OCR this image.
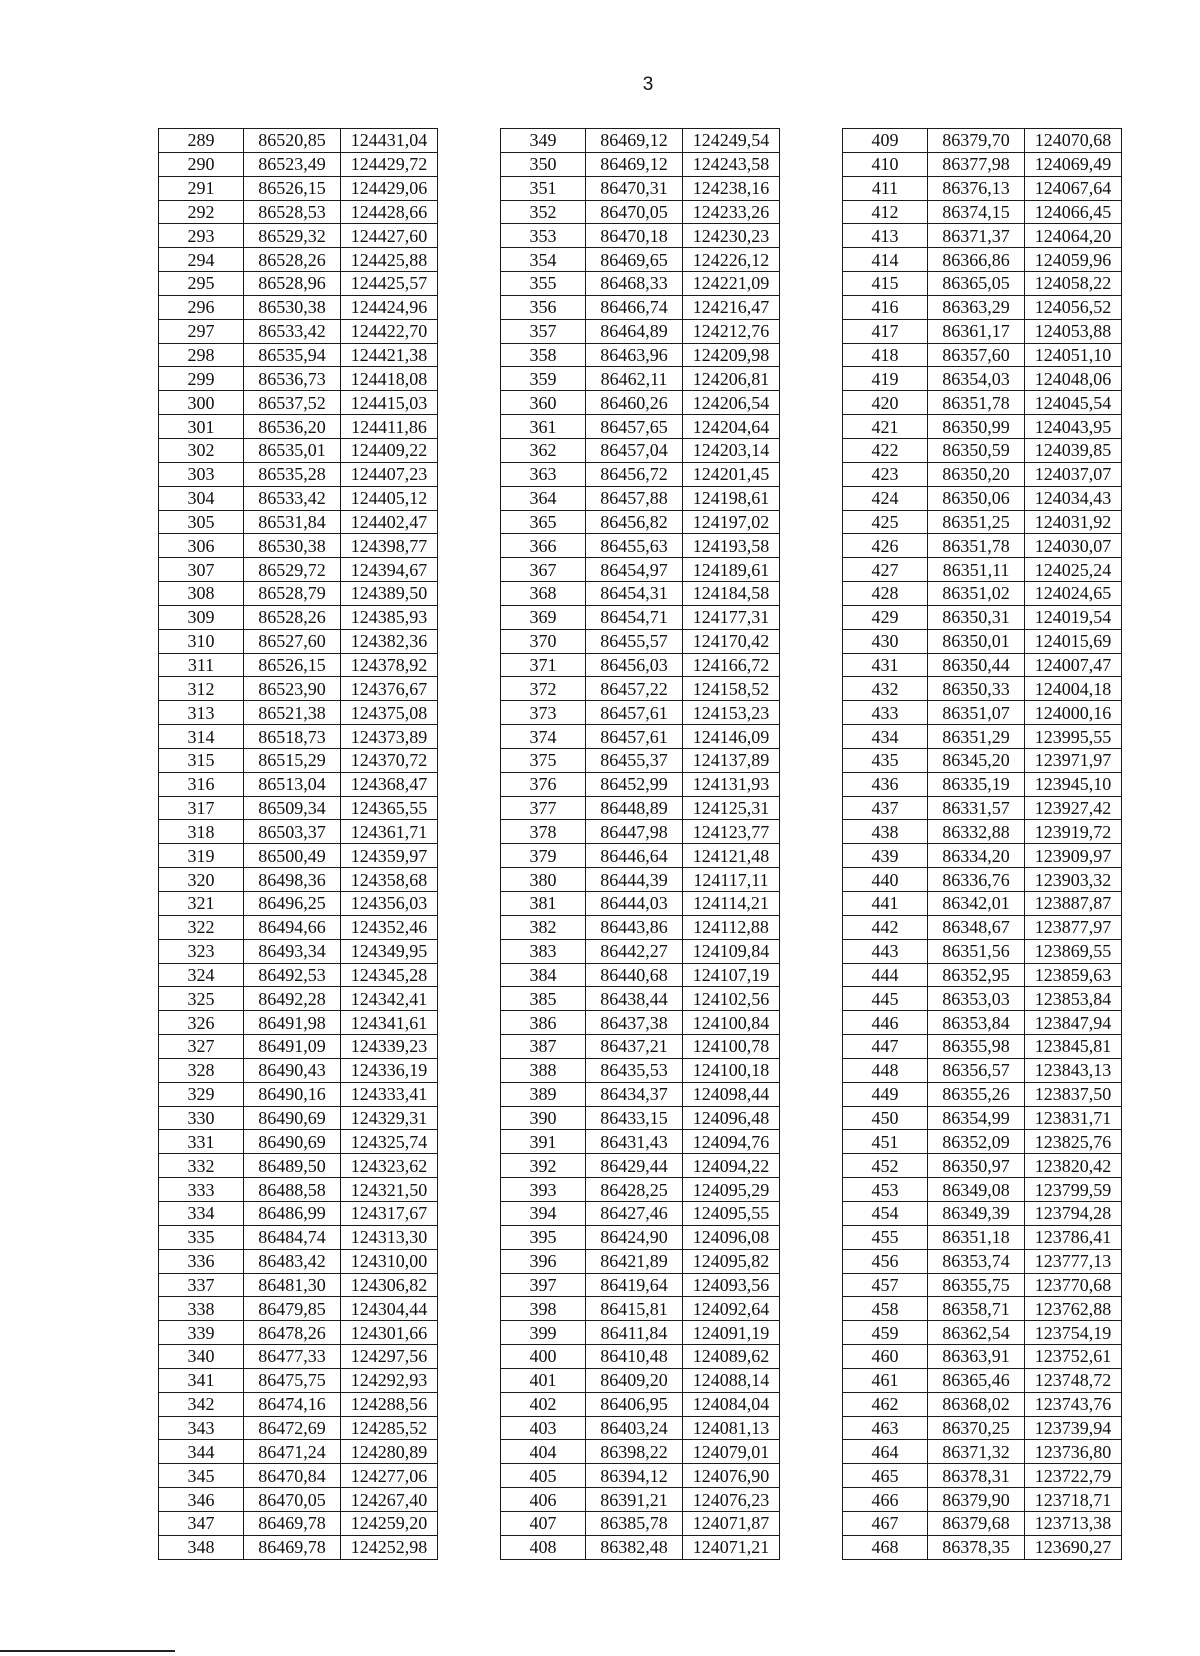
3
289	86520,85	124431,04
290	86523,49	124429,72
291	86526,15	124429,06
292	86528,53	124428,66
293	86529,32	124427,60
294	86528,26	124425,88
295	86528,96	124425,57
296	86530,38	124424,96
297	86533,42	124422,70
298	86535,94	124421,38
299	86536,73	124418,08
300	86537,52	124415,03
301	86536,20	124411,86
302	86535,01	124409,22
303	86535,28	124407,23
304	86533,42	124405,12
305	86531,84	124402,47
306	86530,38	124398,77
307	86529,72	124394,67
308	86528,79	124389,50
309	86528,26	124385,93
310	86527,60	124382,36
311	86526,15	124378,92
312	86523,90	124376,67
313	86521,38	124375,08
314	86518,73	124373,89
315	86515,29	124370,72
316	86513,04	124368,47
317	86509,34	124365,55
318	86503,37	124361,71
319	86500,49	124359,97
320	86498,36	124358,68
321	86496,25	124356,03
322	86494,66	124352,46
323	86493,34	124349,95
324	86492,53	124345,28
325	86492,28	124342,41
326	86491,98	124341,61
327	86491,09	124339,23
328	86490,43	124336,19
329	86490,16	124333,41
330	86490,69	124329,31
331	86490,69	124325,74
332	86489,50	124323,62
333	86488,58	124321,50
334	86486,99	124317,67
335	86484,74	124313,30
336	86483,42	124310,00
337	86481,30	124306,82
338	86479,85	124304,44
339	86478,26	124301,66
340	86477,33	124297,56
341	86475,75	124292,93
342	86474,16	124288,56
343	86472,69	124285,52
344	86471,24	124280,89
345	86470,84	124277,06
346	86470,05	124267,40
347	86469,78	124259,20
348	86469,78	124252,98
349	86469,12	124249,54
350	86469,12	124243,58
351	86470,31	124238,16
352	86470,05	124233,26
353	86470,18	124230,23
354	86469,65	124226,12
355	86468,33	124221,09
356	86466,74	124216,47
357	86464,89	124212,76
358	86463,96	124209,98
359	86462,11	124206,81
360	86460,26	124206,54
361	86457,65	124204,64
362	86457,04	124203,14
363	86456,72	124201,45
364	86457,88	124198,61
365	86456,82	124197,02
366	86455,63	124193,58
367	86454,97	124189,61
368	86454,31	124184,58
369	86454,71	124177,31
370	86455,57	124170,42
371	86456,03	124166,72
372	86457,22	124158,52
373	86457,61	124153,23
374	86457,61	124146,09
375	86455,37	124137,89
376	86452,99	124131,93
377	86448,89	124125,31
378	86447,98	124123,77
379	86446,64	124121,48
380	86444,39	124117,11
381	86444,03	124114,21
382	86443,86	124112,88
383	86442,27	124109,84
384	86440,68	124107,19
385	86438,44	124102,56
386	86437,38	124100,84
387	86437,21	124100,78
388	86435,53	124100,18
389	86434,37	124098,44
390	86433,15	124096,48
391	86431,43	124094,76
392	86429,44	124094,22
393	86428,25	124095,29
394	86427,46	124095,55
395	86424,90	124096,08
396	86421,89	124095,82
397	86419,64	124093,56
398	86415,81	124092,64
399	86411,84	124091,19
400	86410,48	124089,62
401	86409,20	124088,14
402	86406,95	124084,04
403	86403,24	124081,13
404	86398,22	124079,01
405	86394,12	124076,90
406	86391,21	124076,23
407	86385,78	124071,87
408	86382,48	124071,21
409	86379,70	124070,68
410	86377,98	124069,49
411	86376,13	124067,64
412	86374,15	124066,45
413	86371,37	124064,20
414	86366,86	124059,96
415	86365,05	124058,22
416	86363,29	124056,52
417	86361,17	124053,88
418	86357,60	124051,10
419	86354,03	124048,06
420	86351,78	124045,54
421	86350,99	124043,95
422	86350,59	124039,85
423	86350,20	124037,07
424	86350,06	124034,43
425	86351,25	124031,92
426	86351,78	124030,07
427	86351,11	124025,24
428	86351,02	124024,65
429	86350,31	124019,54
430	86350,01	124015,69
431	86350,44	124007,47
432	86350,33	124004,18
433	86351,07	124000,16
434	86351,29	123995,55
435	86345,20	123971,97
436	86335,19	123945,10
437	86331,57	123927,42
438	86332,88	123919,72
439	86334,20	123909,97
440	86336,76	123903,32
441	86342,01	123887,87
442	86348,67	123877,97
443	86351,56	123869,55
444	86352,95	123859,63
445	86353,03	123853,84
446	86353,84	123847,94
447	86355,98	123845,81
448	86356,57	123843,13
449	86355,26	123837,50
450	86354,99	123831,71
451	86352,09	123825,76
452	86350,97	123820,42
453	86349,08	123799,59
454	86349,39	123794,28
455	86351,18	123786,41
456	86353,74	123777,13
457	86355,75	123770,68
458	86358,71	123762,88
459	86362,54	123754,19
460	86363,91	123752,61
461	86365,46	123748,72
462	86368,02	123743,76
463	86370,25	123739,94
464	86371,32	123736,80
465	86378,31	123722,79
466	86379,90	123718,71
467	86379,68	123713,38
468	86378,35	123690,27
